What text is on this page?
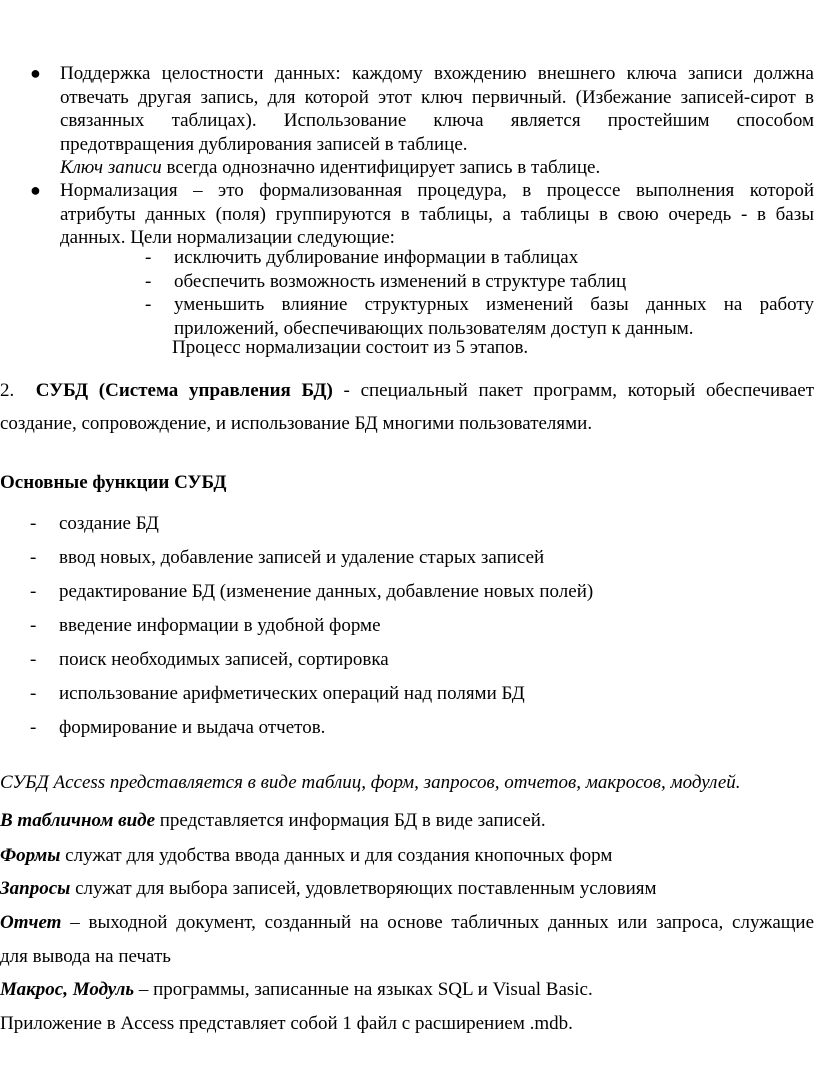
● Поддержка целостности данных: каждому вхождению внешнего ключа записи должна
отвечать другая запись, для которой этот ключ первичный. (Избежание записей-сирот в
связанных таблицах). Использование ключа является простейшим способом
предотвращения дублирования записей в таблице.
Ключ записи всегда однозначно идентифицирует запись в таблице.
● Нормализация – это формализованная процедура, в процессе выполнения которой
атрибуты данных (поля) группируются в таблицы, а таблицы в свою очередь - в базы
данных. Цели нормализации следующие:
- исключить дублирование информации в таблицах
- обеспечить возможность изменений в структуре таблиц
- уменьшить влияние структурных изменений базы данных на работу приложений, обеспечивающих пользователям доступ к данным.
Процесс нормализации состоит из 5 этапов.
2. СУБД (Система управления БД) - специальный пакет программ, который обеспечивает
создание, сопровождение, и использование БД многими пользователями.
Основные функции СУБД
- создание БД
- ввод новых, добавление записей и удаление старых записей
- редактирование БД (изменение данных, добавление новых полей)
- введение информации в удобной форме
- поиск необходимых записей, сортировка
- использование арифметических операций над полями БД
- формирование и выдача отчетов.
СУБД Access представляется в виде таблиц, форм, запросов, отчетов, макросов, модулей.
В табличном виде представляется информация БД в виде записей.
Формы служат для удобства ввода данных и для создания кнопочных форм
Запросы служат для выбора записей, удовлетворяющих поставленным условиям
Отчет – выходной документ, созданный на основе табличных данных или запроса, служащие
для вывода на печать
Макрос, Модуль – программы, записанные на языках SQL и Visual Basic.
Приложение в Access представляет собой 1 файл с расширением .mdb.
